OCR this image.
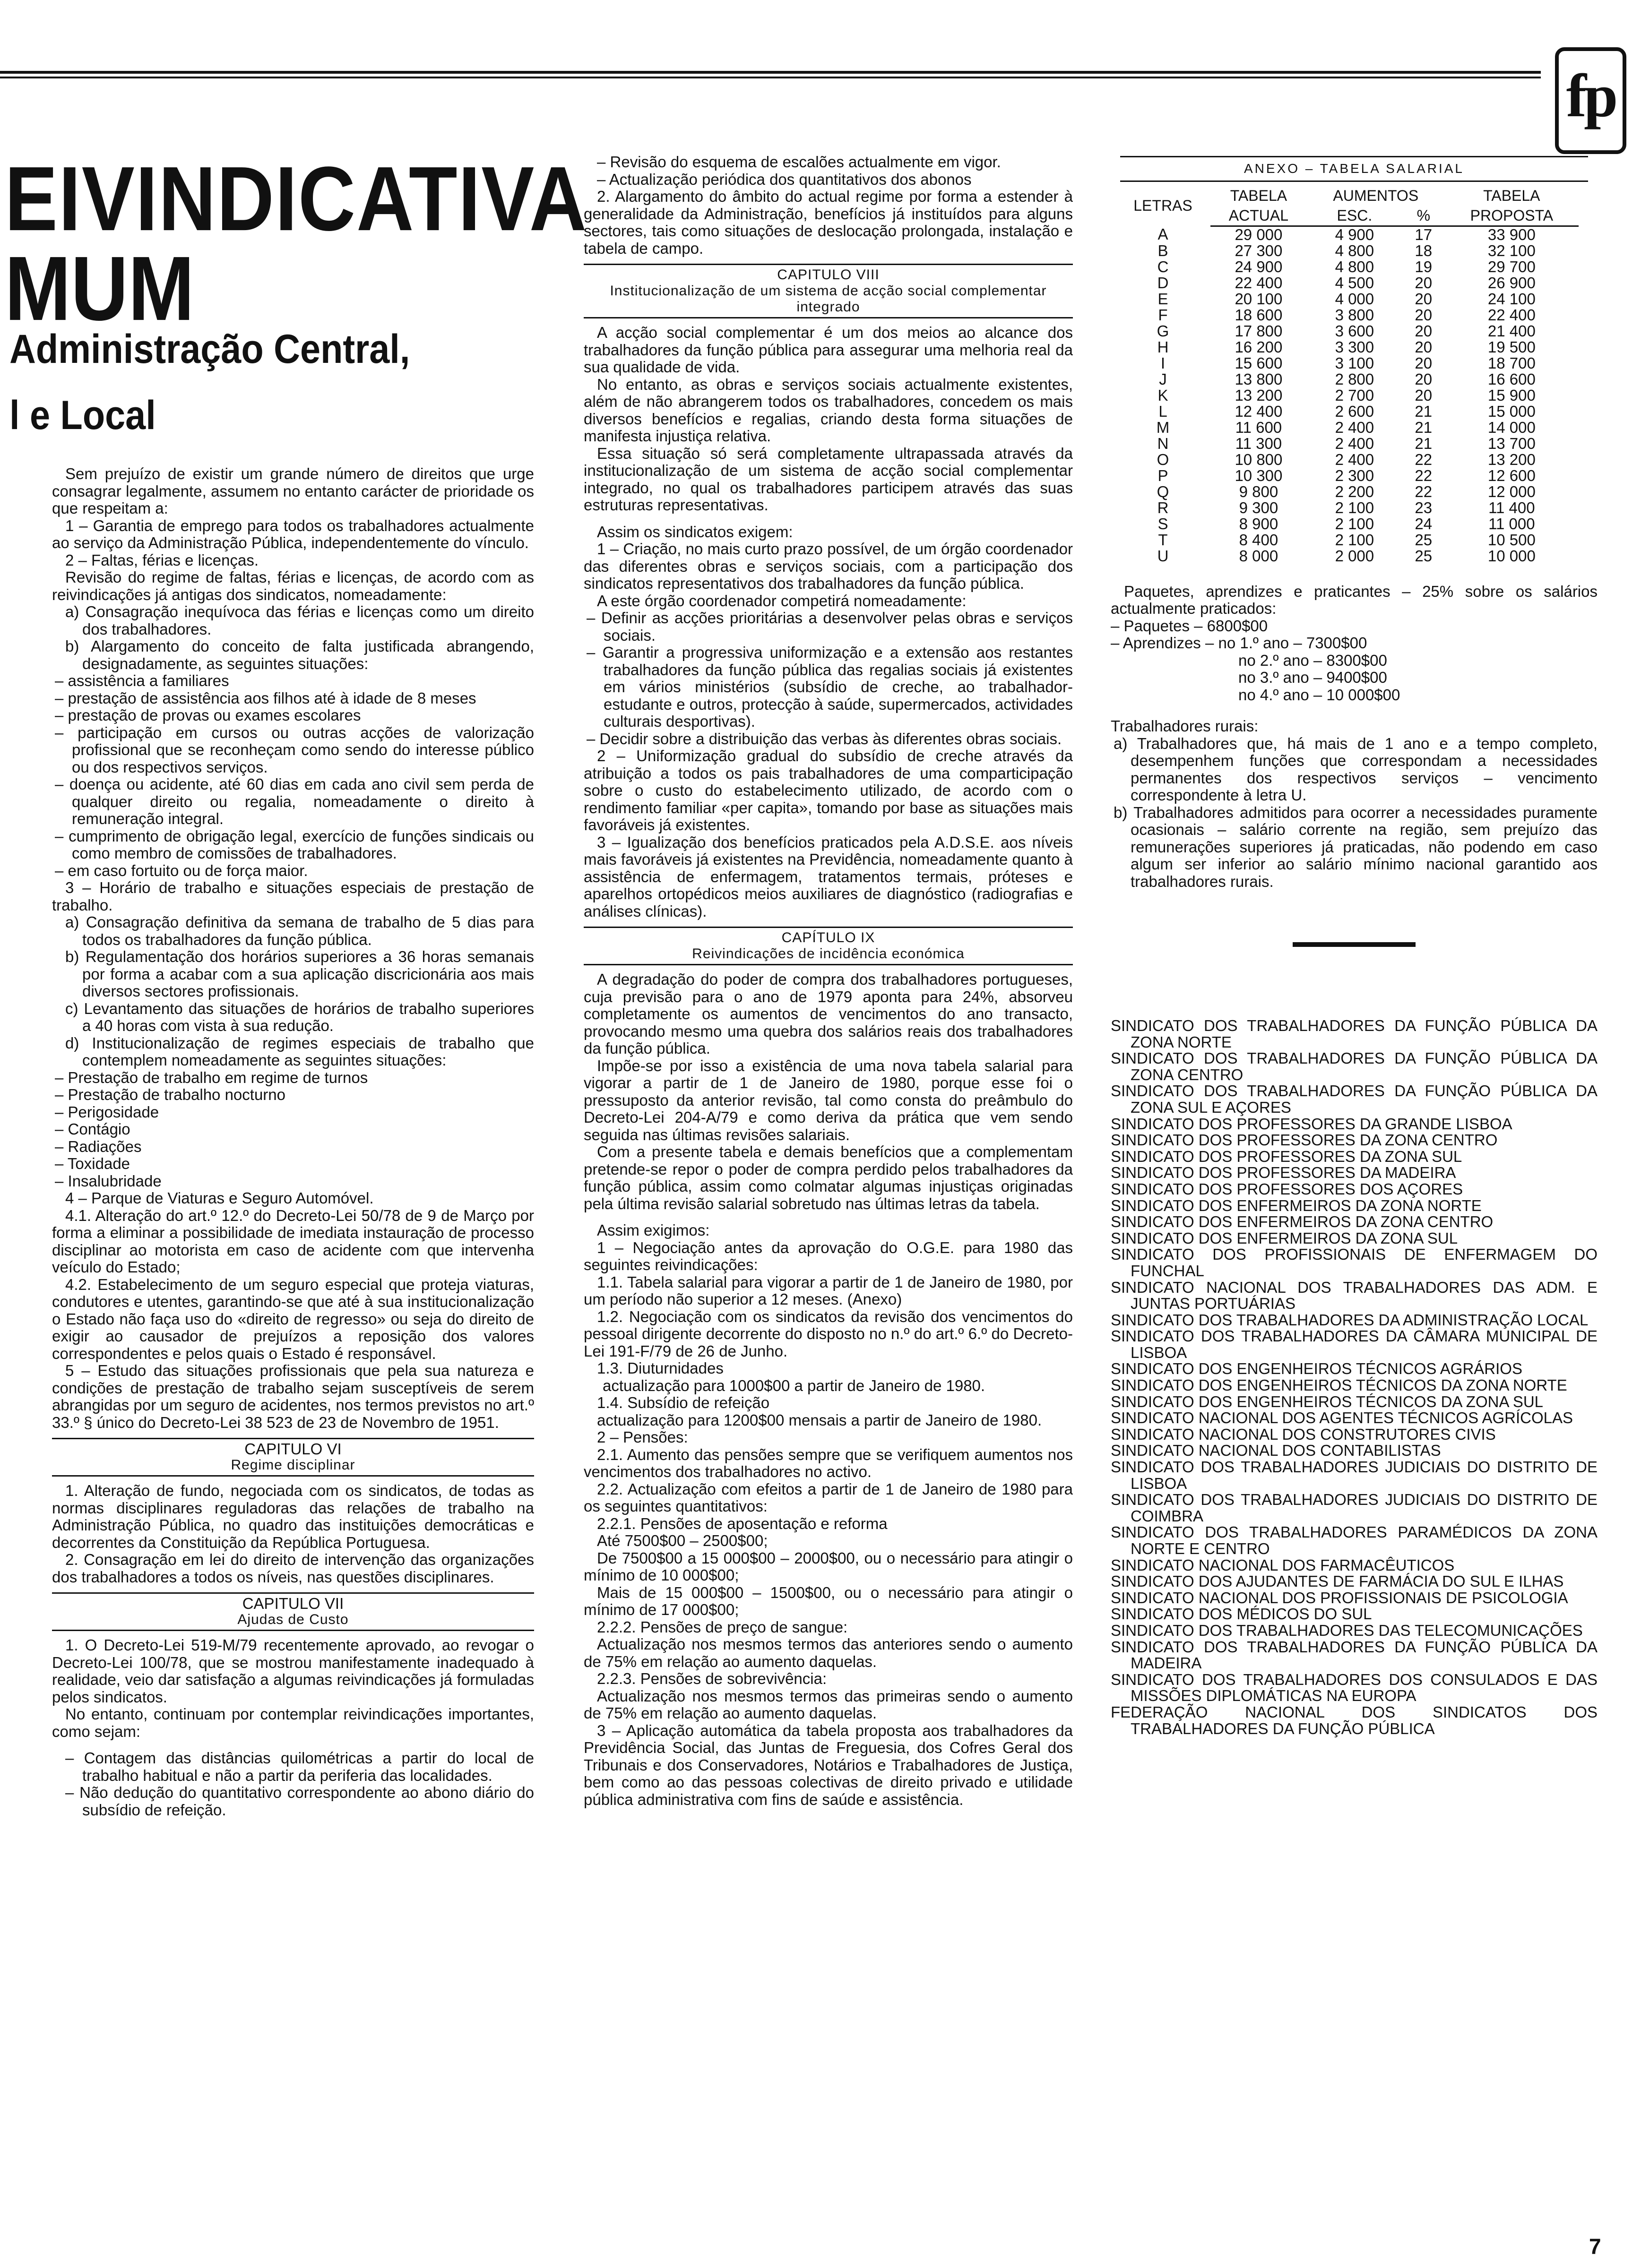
fp
EIVINDICATIVA
MUM
Administração Central,
l e Local

Sem prejuízo de existir um grande número de direitos que urge consagrar legalmente, assumem no entanto carácter de prioridade os que respeitam a:

1 – Garantia de emprego para todos os trabalhadores actualmente ao serviço da Administração Pública, independentemente do vínculo.

2 – Faltas, férias e licenças.

Revisão do regime de faltas, férias e licenças, de acordo com as reivindicações já antigas dos sindicatos, nomeadamente:

a) Consagração inequívoca das férias e licenças como um direito dos trabalhadores.
b) Alargamento do conceito de falta justificada abrangendo, designadamente, as seguintes situações:
– assistência a familiares
– prestação de assistência aos filhos até à idade de 8 meses
– prestação de provas ou exames escolares
– participação em cursos ou outras acções de valorização profissional que se reconheçam como sendo do interesse público ou dos respectivos serviços.
– doença ou acidente, até 60 dias em cada ano civil sem perda de qualquer direito ou regalia, nomeadamente o direito à remuneração integral.
– cumprimento de obrigação legal, exercício de funções sindicais ou como membro de comissões de trabalhadores.
– em caso fortuito ou de força maior.

3 – Horário de trabalho e situações especiais de prestação de trabalho.

a) Consagração definitiva da semana de trabalho de 5 dias para todos os trabalhadores da função pública.
b) Regulamentação dos horários superiores a 36 horas semanais por forma a acabar com a sua aplicação discricionária aos mais diversos sectores profissionais.
c) Levantamento das situações de horários de trabalho superiores a 40 horas com vista à sua redução.
d) Institucionalização de regimes especiais de trabalho que contemplem nomeadamente as seguintes situações:
– Prestação de trabalho em regime de turnos
– Prestação de trabalho nocturno
– Perigosidade
– Contágio
– Radiações
– Toxidade
– Insalubridade

4 – Parque de Viaturas e Seguro Automóvel.

4.1. Alteração do art.º 12.º do Decreto-Lei 50/78 de 9 de Março por forma a eliminar a possibilidade de imediata instauração de processo disciplinar ao motorista em caso de acidente com que intervenha veículo do Estado;

4.2. Estabelecimento de um seguro especial que proteja viaturas, condutores e utentes, garantindo-se que até à sua institucionalização o Estado não faça uso do «direito de regresso» ou seja do direito de exigir ao causador de prejuízos a reposição dos valores correspondentes e pelos quais o Estado é responsável.

5 – Estudo das situações profissionais que pela sua natureza e condições de prestação de trabalho sejam susceptíveis de serem abrangidas por um seguro de acidentes, nos termos previstos no art.º 33.º § único do Decreto-Lei 38 523 de 23 de Novembro de 1951.

CAPITULO VI
Regime disciplinar

1. Alteração de fundo, negociada com os sindicatos, de todas as normas disciplinares reguladoras das relações de trabalho na Administração Pública, no quadro das instituições democráticas e decorrentes da Constituição da República Portuguesa.

2. Consagração em lei do direito de intervenção das organizações dos trabalhadores a todos os níveis, nas questões disciplinares.

CAPITULO VII
Ajudas de Custo

1. O Decreto-Lei 519-M/79 recentemente aprovado, ao revogar o Decreto-Lei 100/78, que se mostrou manifestamente inadequado à realidade, veio dar satisfação a algumas reivindicações já formuladas pelos sindicatos.

No entanto, continuam por contemplar reivindicações importantes, como sejam:

– Contagem das distâncias quilométricas a partir do local de trabalho habitual e não a partir da periferia das localidades.
– Não dedução do quantitativo correspondente ao abono diário do subsídio de refeição.
– Revisão do esquema de escalões actualmente em vigor.
– Actualização periódica dos quantitativos dos abonos

2. Alargamento do âmbito do actual regime por forma a estender à generalidade da Administração, benefícios já instituídos para alguns sectores, tais como situações de deslocação prolongada, instalação e tabela de campo.

CAPITULO VIII
Institucionalização de um sistema de acção social complementar integrado

A acção social complementar é um dos meios ao alcance dos trabalhadores da função pública para assegurar uma melhoria real da sua qualidade de vida.

No entanto, as obras e serviços sociais actualmente existentes, além de não abrangerem todos os trabalhadores, concedem os mais diversos benefícios e regalias, criando desta forma situações de manifesta injustiça relativa.

Essa situação só será completamente ultrapassada através da institucionalização de um sistema de acção social complementar integrado, no qual os trabalhadores participem através das suas estruturas representativas.

Assim os sindicatos exigem:

1 – Criação, no mais curto prazo possível, de um órgão coordenador das diferentes obras e serviços sociais, com a participação dos sindicatos representativos dos trabalhadores da função pública.

A este órgão coordenador competirá nomeadamente:

– Definir as acções prioritárias a desenvolver pelas obras e serviços sociais.
– Garantir a progressiva uniformização e a extensão aos restantes trabalhadores da função pública das regalias sociais já existentes em vários ministérios (subsídio de creche, ao trabalhador-estudante e outros, protecção à saúde, supermercados, actividades culturais desportivas).
– Decidir sobre a distribuição das verbas às diferentes obras sociais.

2 – Uniformização gradual do subsídio de creche através da atribuição a todos os pais trabalhadores de uma comparticipação sobre o custo do estabelecimento utilizado, de acordo com o rendimento familiar «per capita», tomando por base as situações mais favoráveis já existentes.

3 – Igualização dos benefícios praticados pela A.D.S.E. aos níveis mais favoráveis já existentes na Previdência, nomeadamente quanto à assistência de enfermagem, tratamentos termais, próteses e aparelhos ortopédicos meios auxiliares de diagnóstico (radiografias e análises clínicas).

CAPÍTULO IX
Reivindicações de incidência económica

A degradação do poder de compra dos trabalhadores portugueses, cuja previsão para o ano de 1979 aponta para 24%, absorveu completamente os aumentos de vencimentos do ano transacto, provocando mesmo uma quebra dos salários reais dos trabalhadores da função pública.

Impõe-se por isso a existência de uma nova tabela salarial para vigorar a partir de 1 de Janeiro de 1980, porque esse foi o pressuposto da anterior revisão, tal como consta do preâmbulo do Decreto-Lei 204-A/79 e como deriva da prática que vem sendo seguida nas últimas revisões salariais.

Com a presente tabela e demais benefícios que a complementam pretende-se repor o poder de compra perdido pelos trabalhadores da função pública, assim como colmatar algumas injustiças originadas pela última revisão salarial sobretudo nas últimas letras da tabela.

Assim exigimos:

1 – Negociação antes da aprovação do O.G.E. para 1980 das seguintes reivindicações:

1.1. Tabela salarial para vigorar a partir de 1 de Janeiro de 1980, por um período não superior a 12 meses. (Anexo)

1.2. Negociação com os sindicatos da revisão dos vencimentos do pessoal dirigente decorrente do disposto no n.º do art.º 6.º do Decreto-Lei 191-F/79 de 26 de Junho.

1.3. Diuturnidades

actualização para 1000$00 a partir de Janeiro de 1980.

1.4. Subsídio de refeição

actualização para 1200$00 mensais a partir de Janeiro de 1980.

2 – Pensões:

2.1. Aumento das pensões sempre que se verifiquem aumentos nos vencimentos dos trabalhadores no activo.

2.2. Actualização com efeitos a partir de 1 de Janeiro de 1980 para os seguintes quantitativos:

2.2.1. Pensões de aposentação e reforma

Até 7500$00 – 2500$00;

De 7500$00 a 15 000$00 – 2000$00, ou o necessário para atingir o mínimo de 10 000$00;

Mais de 15 000$00 – 1500$00, ou o necessário para atingir o mínimo de 17 000$00;

2.2.2. Pensões de preço de sangue:

Actualização nos mesmos termos das anteriores sendo o aumento de 75% em relação ao aumento daquelas.

2.2.3. Pensões de sobrevivência:

Actualização nos mesmos termos das primeiras sendo o aumento de 75% em relação ao aumento daquelas.

3 – Aplicação automática da tabela proposta aos trabalhadores da Previdência Social, das Juntas de Freguesia, dos Cofres Geral dos Tribunais e dos Conservadores, Notários e Trabalhadores de Justiça, bem como ao das pessoas colectivas de direito privado e utilidade pública administrativa com fins de saúde e assistência.

ANEXO – TABELA SALARIAL
LETRAS	TABELA	AUMENTOS		TABELA
	ACTUAL	ESC.	%	PROPOSTA
A	29 000	4 900	17	33 900
B	27 300	4 800	18	32 100
C	24 900	4 800	19	29 700
D	22 400	4 500	20	26 900
E	20 100	4 000	20	24 100
F	18 600	3 800	20	22 400
G	17 800	3 600	20	21 400
H	16 200	3 300	20	19 500
I	15 600	3 100	20	18 700
J	13 800	2 800	20	16 600
K	13 200	2 700	20	15 900
L	12 400	2 600	21	15 000
M	11 600	2 400	21	14 000
N	11 300	2 400	21	13 700
O	10 800	2 400	22	13 200
P	10 300	2 300	22	12 600
Q	9 800	2 200	22	12 000
R	9 300	2 100	23	11 400
S	8 900	2 100	24	11 000
T	8 400	2 100	25	10 500
U	8 000	2 000	25	10 000

Paquetes, aprendizes e praticantes – 25% sobre os salários actualmente praticados:

– Paquetes – 6800$00

– Aprendizes – no 1.º ano – 7300$00

no 2.º ano – 8300$00

no 3.º ano – 9400$00

no 4.º ano – 10 000$00

Trabalhadores rurais:

a) Trabalhadores que, há mais de 1 ano e a tempo completo, desempenhem funções que correspondam a necessidades permanentes dos respectivos serviços – vencimento correspondente à letra U.
b) Trabalhadores admitidos para ocorrer a necessidades puramente ocasionais – salário corrente na região, sem prejuízo das remunerações superiores já praticadas, não podendo em caso algum ser inferior ao salário mínimo nacional garantido aos trabalhadores rurais.

SINDICATO DOS TRABALHADORES DA FUNÇÃO PÚBLICA DA ZONA NORTE

SINDICATO DOS TRABALHADORES DA FUNÇÃO PÚBLICA DA ZONA CENTRO

SINDICATO DOS TRABALHADORES DA FUNÇÃO PÚBLICA DA ZONA SUL E AÇORES

SINDICATO DOS PROFESSORES DA GRANDE LISBOA

SINDICATO DOS PROFESSORES DA ZONA CENTRO

SINDICATO DOS PROFESSORES DA ZONA SUL

SINDICATO DOS PROFESSORES DA MADEIRA

SINDICATO DOS PROFESSORES DOS AÇORES

SINDICATO DOS ENFERMEIROS DA ZONA NORTE

SINDICATO DOS ENFERMEIROS DA ZONA CENTRO

SINDICATO DOS ENFERMEIROS DA ZONA SUL

SINDICATO DOS PROFISSIONAIS DE ENFERMAGEM DO FUNCHAL

SINDICATO NACIONAL DOS TRABALHADORES DAS ADM. E JUNTAS PORTUÁRIAS

SINDICATO DOS TRABALHADORES DA ADMINISTRAÇÃO LOCAL

SINDICATO DOS TRABALHADORES DA CÂMARA MUNICIPAL DE LISBOA

SINDICATO DOS ENGENHEIROS TÉCNICOS AGRÁRIOS

SINDICATO DOS ENGENHEIROS TÉCNICOS DA ZONA NORTE

SINDICATO DOS ENGENHEIROS TÉCNICOS DA ZONA SUL

SINDICATO NACIONAL DOS AGENTES TÉCNICOS AGRÍCOLAS

SINDICATO NACIONAL DOS CONSTRUTORES CIVIS

SINDICATO NACIONAL DOS CONTABILISTAS

SINDICATO DOS TRABALHADORES JUDICIAIS DO DISTRITO DE LISBOA

SINDICATO DOS TRABALHADORES JUDICIAIS DO DISTRITO DE COIMBRA

SINDICATO DOS TRABALHADORES PARAMÉDICOS DA ZONA NORTE E CENTRO

SINDICATO NACIONAL DOS FARMACÊUTICOS

SINDICATO DOS AJUDANTES DE FARMÁCIA DO SUL E ILHAS

SINDICATO NACIONAL DOS PROFISSIONAIS DE PSICOLOGIA

SINDICATO DOS MÉDICOS DO SUL

SINDICATO DOS TRABALHADORES DAS TELECOMUNICAÇÕES

SINDICATO DOS TRABALHADORES DA FUNÇÃO PÚBLICA DA MADEIRA

SINDICATO DOS TRABALHADORES DOS CONSULADOS E DAS MISSÕES DIPLOMÁTICAS NA EUROPA

FEDERAÇÃO NACIONAL DOS SINDICATOS DOS TRABALHADORES DA FUNÇÃO PÚBLICA

7
